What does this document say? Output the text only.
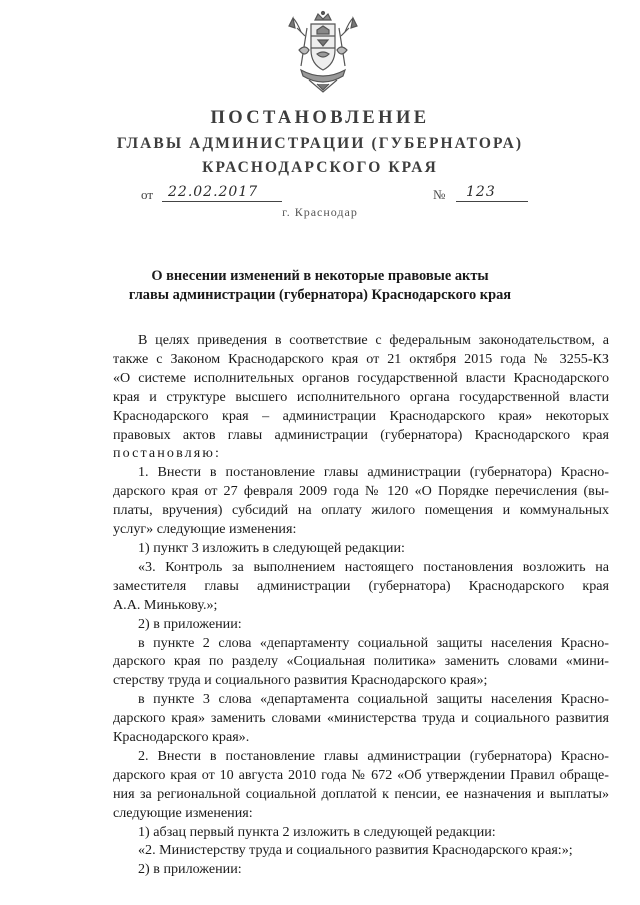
ПОСТАНОВЛЕНИЕ
ГЛАВЫ АДМИНИСТРАЦИИ (ГУБЕРНАТОРА)
КРАСНОДАРСКОГО КРАЯ
от 22.02.2017	№ 123
г. Краснодар
О внесении изменений в некоторые правовые акты
главы администрации (губернатора) Краснодарского края
В целях приведения в соответствие с федеральным законодательством, а
также с Законом Краснодарского края от 21 октября 2015 года № 3255-КЗ
«О системе исполнительных органов государственной власти Краснодарского
края и структуре высшего исполнительного органа государственной власти
Краснодарского края – администрации Краснодарского края» некоторых
правовых актов главы администрации (губернатора) Краснодарского края
постановляю:
1. Внести в постановление главы администрации (губернатора) Красно-
дарского края от 27 февраля 2009 года № 120 «О Порядке перечисления (вы-
платы, вручения) субсидий на оплату жилого помещения и коммунальных
услуг» следующие изменения:
1) пункт 3 изложить в следующей редакции:
«3. Контроль за выполнением настоящего постановления возложить на
заместителя главы администрации (губернатора) Краснодарского края
А.А. Минькову.»;
2) в приложении:
в пункте 2 слова «департаменту социальной защиты населения Красно-
дарского края по разделу «Социальная политика» заменить словами «мини-
стерству труда и социального развития Краснодарского края»;
в пункте 3 слова «департамента социальной защиты населения Красно-
дарского края» заменить словами «министерства труда и социального развития
Краснодарского края».
2. Внести в постановление главы администрации (губернатора) Красно-
дарского края от 10 августа 2010 года № 672 «Об утверждении Правил обраще-
ния за региональной социальной доплатой к пенсии, ее назначения и выплаты»
следующие изменения:
1) абзац первый пункта 2 изложить в следующей редакции:
«2. Министерству труда и социального развития Краснодарского края:»;
2) в приложении:
